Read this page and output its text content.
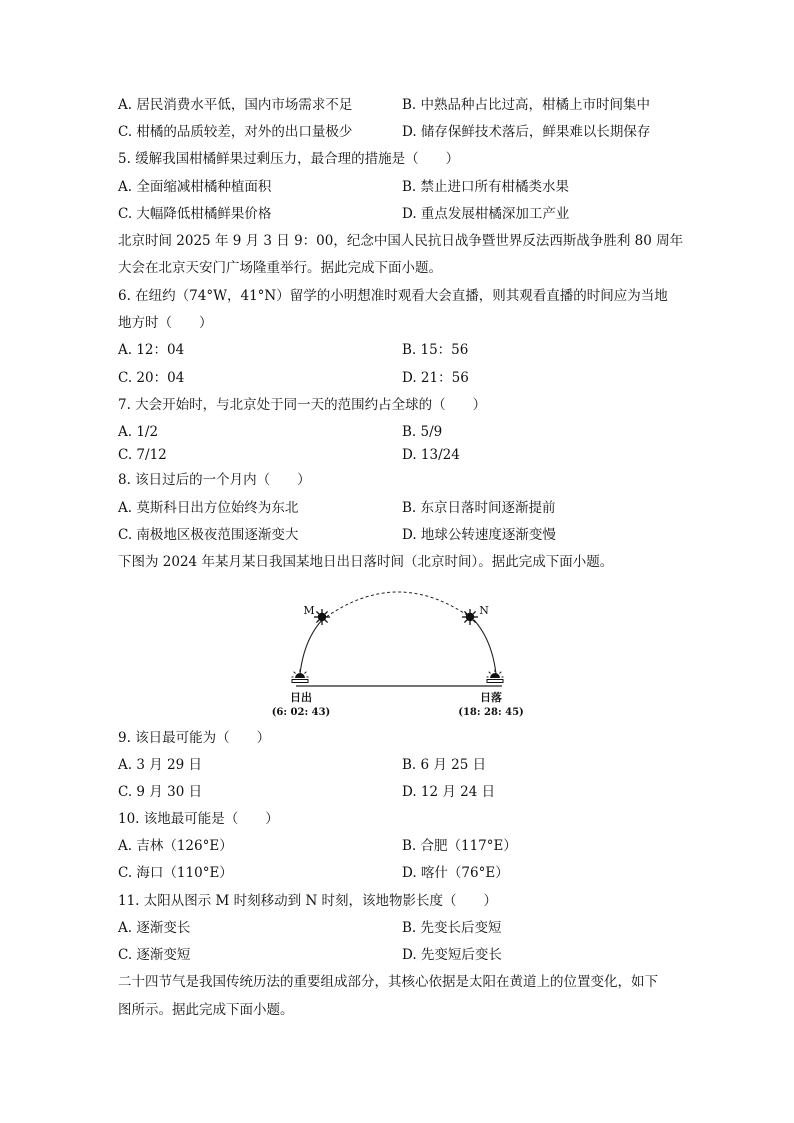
A. 居民消费水平低，国内市场需求不足	B. 中熟品种占比过高，柑橘上市时间集中
C. 柑橘的品质较差，对外的出口量极少	D. 储存保鲜技术落后，鲜果难以长期保存
5. 缓解我国柑橘鲜果过剩压力，最合理的措施是（　　）
A. 全面缩减柑橘种植面积	B. 禁止进口所有柑橘类水果
C. 大幅降低柑橘鲜果价格	D. 重点发展柑橘深加工产业
北京时间 2025 年 9 月 3 日 9：00，纪念中国人民抗日战争暨世界反法西斯战争胜利 80 周年
大会在北京天安门广场隆重举行。据此完成下面小题。
6. 在纽约（74°W，41°N）留学的小明想准时观看大会直播，则其观看直播的时间应为当地
地方时（　　）
A. 12：04	B. 15：56
C. 20：04	D. 21：56
7. 大会开始时，与北京处于同一天的范围约占全球的（　　）
A. 1/2	B. 5/9
C. 7/12	D. 13/24
8. 该日过后的一个月内（　　）
A. 莫斯科日出方位始终为东北	B. 东京日落时间逐渐提前
C. 南极地区极夜范围逐渐变大	D. 地球公转速度逐渐变慢
下图为 2024 年某月某日我国某地日出日落时间（北京时间）。据此完成下面小题。
M	N
日出
(6: 02: 43)
日落
(18: 28: 45)
9. 该日最可能为（　　）
A. 3 月 29 日	B. 6 月 25 日
C. 9 月 30 日	D. 12 月 24 日
10. 该地最可能是（　　）
A. 吉林（126°E）	B. 合肥（117°E）
C. 海口（110°E）	D. 喀什（76°E）
11. 太阳从图示 M 时刻移动到 N 时刻，该地物影长度（　　）
A. 逐渐变长	B. 先变长后变短
C. 逐渐变短	D. 先变短后变长
二十四节气是我国传统历法的重要组成部分，其核心依据是太阳在黄道上的位置变化，如下
图所示。据此完成下面小题。
